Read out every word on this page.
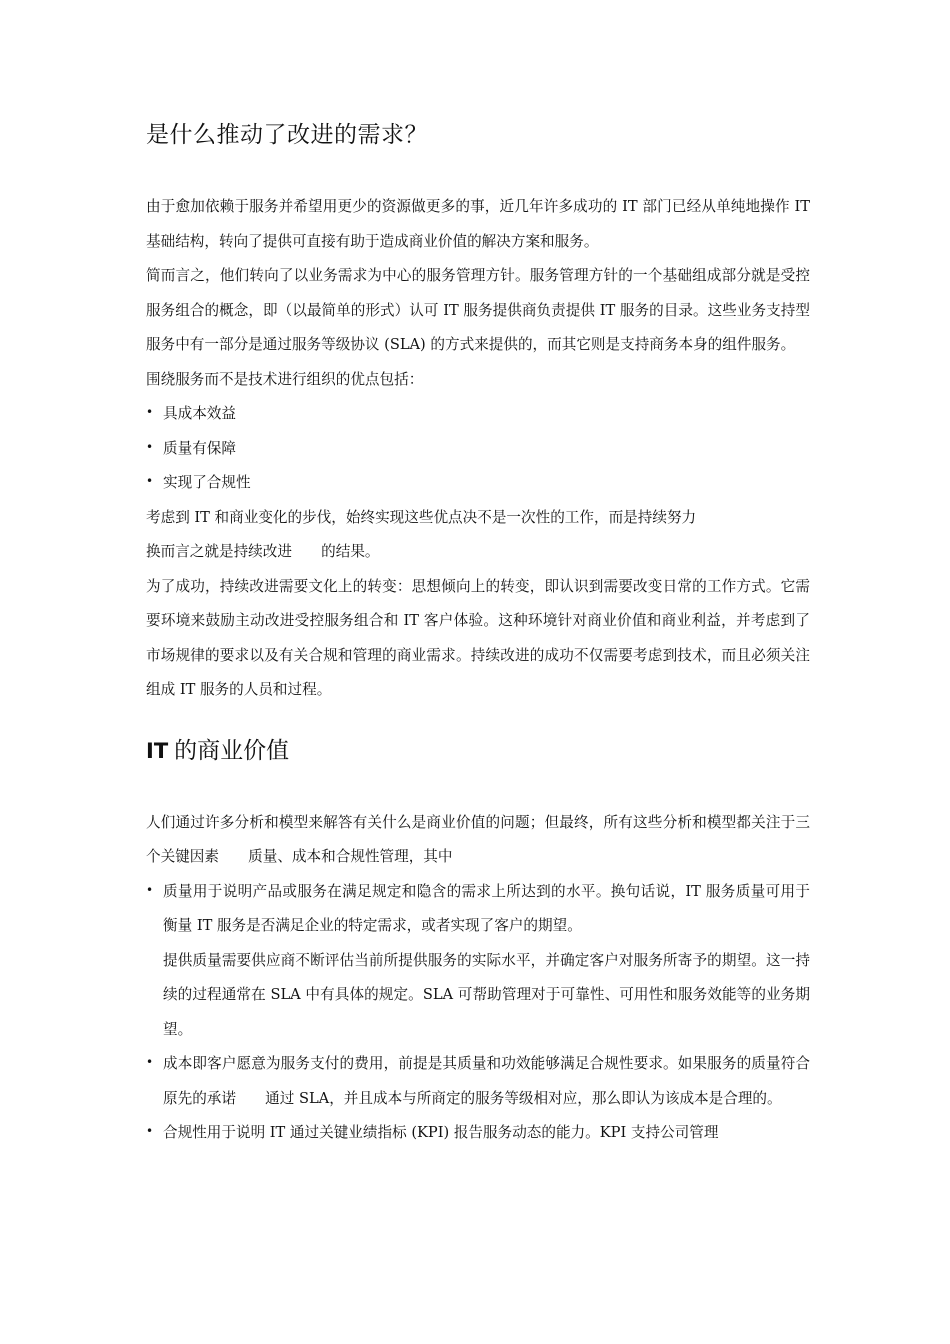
是什么推动了改进的需求？

由于愈加依赖于服务并希望用更少的资源做更多的事，近几年许多成功的 IT 部门已经从单纯地操作 IT 基础结构，转向了提供可直接有助于造成商业价值的解决方案和服务。

简而言之，他们转向了以业务需求为中心的服务管理方针。服务管理方针的一个基础组成部分就是受控服务组合的概念，即（以最简单的形式）认可 IT 服务提供商负责提供 IT 服务的目录。这些业务支持型服务中有一部分是通过服务等级协议 (SLA) 的方式来提供的，而其它则是支持商务本身的组件服务。

围绕服务而不是技术进行组织的优点包括：

• 具成本效益
• 质量有保障
• 实现了合规性

考虑到 IT 和商业变化的步伐，始终实现这些优点决不是一次性的工作，而是持续努力

换而言之就是持续改进　　的结果。

为了成功，持续改进需要文化上的转变：思想倾向上的转变，即认识到需要改变日常的工作方式。它需要环境来鼓励主动改进受控服务组合和 IT 客户体验。这种环境针对商业价值和商业利益，并考虑到了市场规律的要求以及有关合规和管理的商业需求。持续改进的成功不仅需要考虑到技术，而且必须关注组成 IT 服务的人员和过程。

IT 的商业价值

人们通过许多分析和模型来解答有关什么是商业价值的问题；但最终，所有这些分析和模型都关注于三个关键因素　　质量、成本和合规性管理，其中

• 质量用于说明产品或服务在满足规定和隐含的需求上所达到的水平。换句话说，IT 服务质量可用于衡量 IT 服务是否满足企业的特定需求，或者实现了客户的期望。

提供质量需要供应商不断评估当前所提供服务的实际水平，并确定客户对服务所寄予的期望。这一持续的过程通常在 SLA 中有具体的规定。SLA 可帮助管理对于可靠性、可用性和服务效能等的业务期望。

• 成本即客户愿意为服务支付的费用，前提是其质量和功效能够满足合规性要求。如果服务的质量符合原先的承诺　　通过 SLA，并且成本与所商定的服务等级相对应，那么即认为该成本是合理的。
• 合规性用于说明 IT 通过关键业绩指标 (KPI) 报告服务动态的能力。KPI 支持公司管理
